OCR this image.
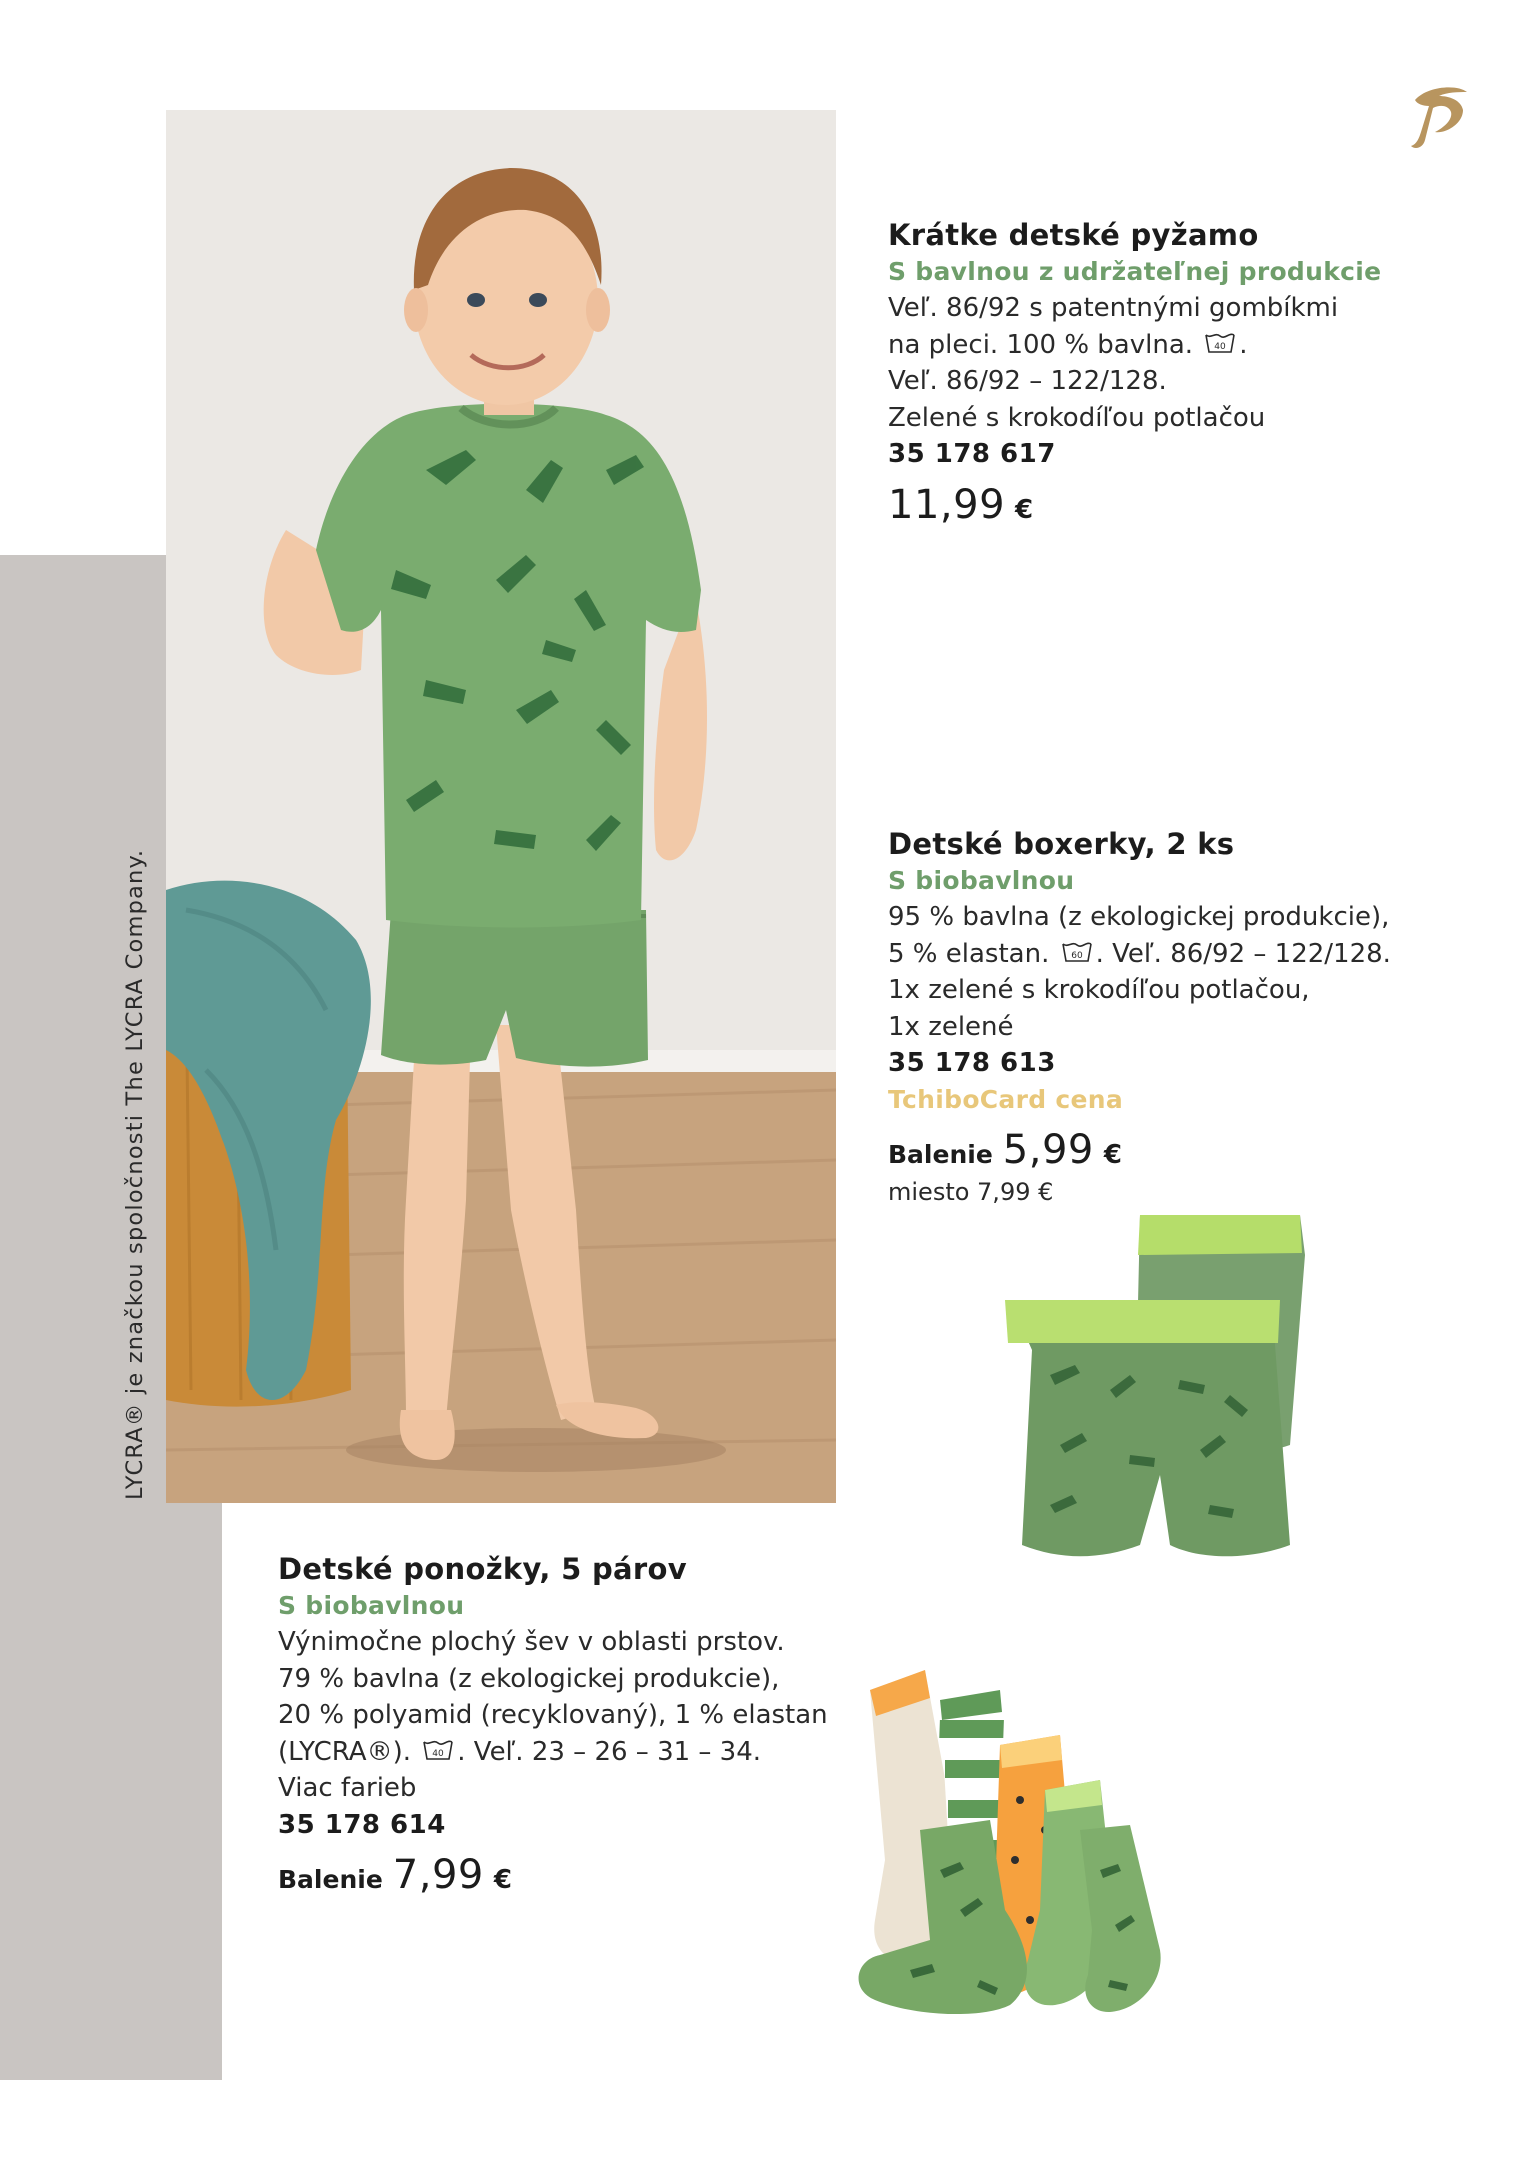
LYCRA® je značkou spoločnosti The LYCRA Company.
Krátke detské pyžamo
S bavlnou z udržateľnej produkcie
Veľ. 86/92 s patentnými gombíkmi
na pleci. 100 % bavlna. 40 .
Veľ. 86/92 – 122/128.
Zelené s krokodíľou potlačou
35 178 617
11,99 €
Detské boxerky, 2 ks
S biobavlnou
95 % bavlna (z ekologickej produkcie),
5 % elastan. 60 . Veľ. 86/92 – 122/128.
1x zelené s krokodíľou potlačou,
1x zelené
35 178 613
TchiboCard cena
Balenie 5,99 €
miesto 7,99 €
Detské ponožky, 5 párov
S biobavlnou
Výnimočne plochý šev v oblasti prstov.
79 % bavlna (z ekologickej produkcie),
20 % polyamid (recyklovaný), 1 % elastan
(LYCRA®). 40 . Veľ. 23 – 26 – 31 – 34.
Viac farieb
35 178 614
Balenie 7,99 €
